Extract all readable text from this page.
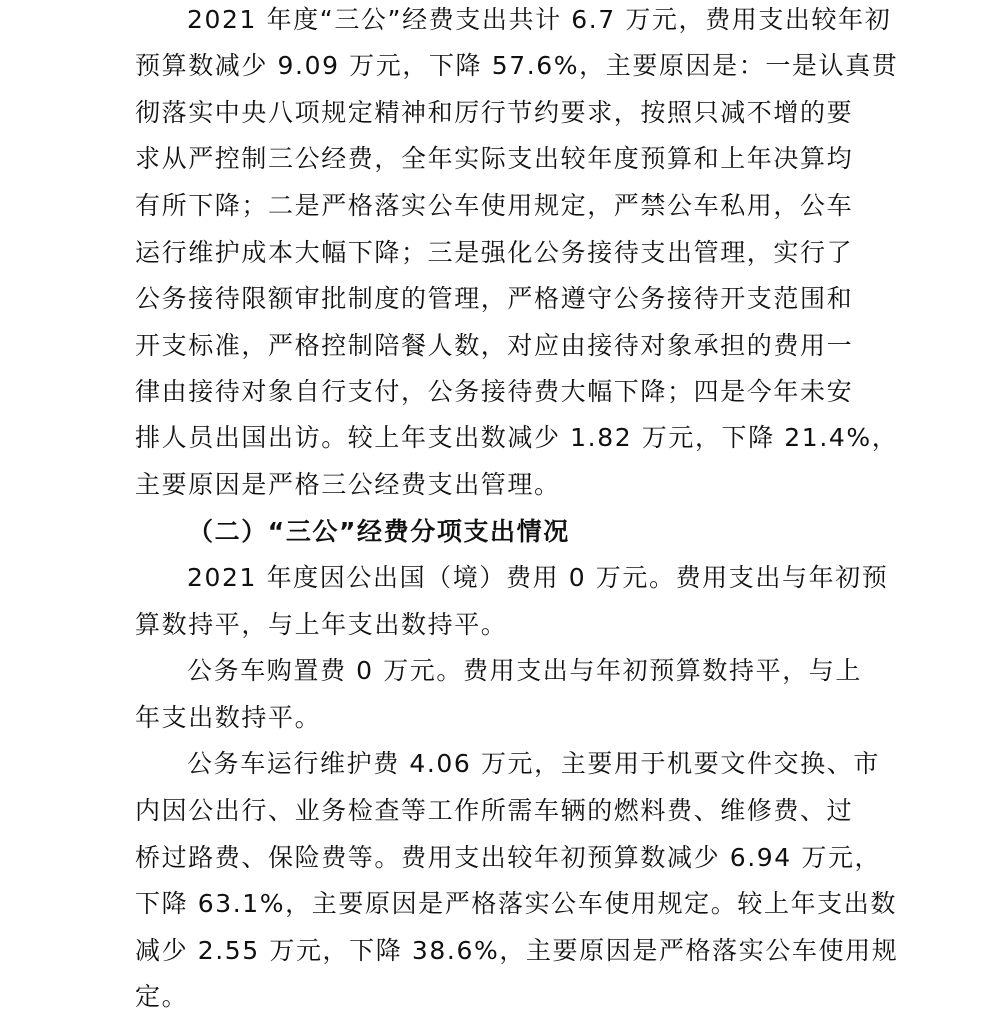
2021 年度“三公”经费支出共计 6.7 万元，费用支出较年初
预算数减少 9.09 万元，下降 57.6%，主要原因是：一是认真贯
彻落实中央八项规定精神和厉行节约要求，按照只减不增的要
求从严控制三公经费，全年实际支出较年度预算和上年决算均
有所下降；二是严格落实公车使用规定，严禁公车私用，公车
运行维护成本大幅下降；三是强化公务接待支出管理，实行了
公务接待限额审批制度的管理，严格遵守公务接待开支范围和
开支标准，严格控制陪餐人数，对应由接待对象承担的费用一
律由接待对象自行支付，公务接待费大幅下降；四是今年未安
排人员出国出访。较上年支出数减少 1.82 万元，下降 21.4%，
主要原因是严格三公经费支出管理。
（二）“三公”经费分项支出情况
2021 年度因公出国（境）费用 0 万元。费用支出与年初预
算数持平，与上年支出数持平。
公务车购置费 0 万元。费用支出与年初预算数持平，与上
年支出数持平。
公务车运行维护费 4.06 万元，主要用于机要文件交换、市
内因公出行、业务检查等工作所需车辆的燃料费、维修费、过
桥过路费、保险费等。费用支出较年初预算数减少 6.94 万元，
下降 63.1%，主要原因是严格落实公车使用规定。较上年支出数
减少 2.55 万元，下降 38.6%，主要原因是严格落实公车使用规
定。
